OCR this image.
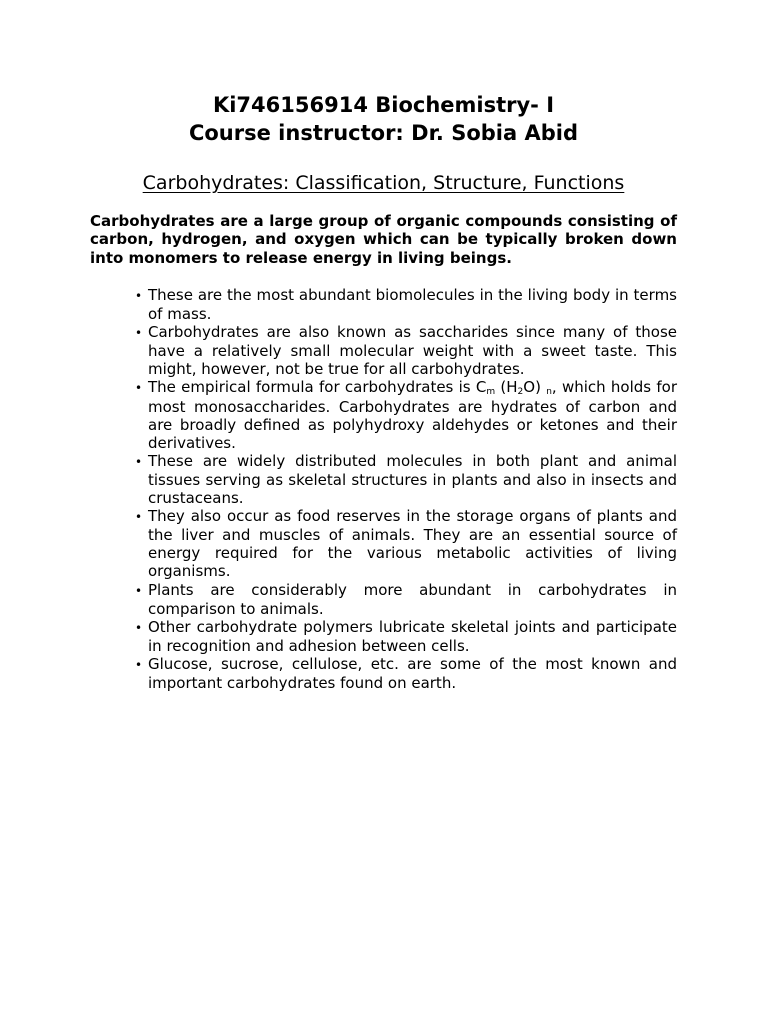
Ki746156914 Biochemistry- I
Course instructor: Dr. Sobia Abid
Carbohydrates: Classification, Structure, Functions

Carbohydrates are a large group of organic compounds consisting of carbon, hydrogen, and oxygen which can be typically broken down into monomers to release energy in living beings.

• These are the most abundant biomolecules in the living body in terms of mass.
• Carbohydrates are also known as saccharides since many of those have a relatively small molecular weight with a sweet taste. This might, however, not be true for all carbohydrates.
• The empirical formula for carbohydrates is $C_m$ $(H_2O)$ $_n$, which holds for most monosaccharides. Carbohydrates are hydrates of carbon and are broadly defined as polyhydroxy aldehydes or ketones and their derivatives.
• These are widely distributed molecules in both plant and animal tissues serving as skeletal structures in plants and also in insects and crustaceans.
• They also occur as food reserves in the storage organs of plants and the liver and muscles of animals. They are an essential source of energy required for the various metabolic activities of living organisms.
• Plants are considerably more abundant in carbohydrates in comparison to animals.
• Other carbohydrate polymers lubricate skeletal joints and participate in recognition and adhesion between cells.
• Glucose, sucrose, cellulose, etc. are some of the most known and important carbohydrates found on earth.
